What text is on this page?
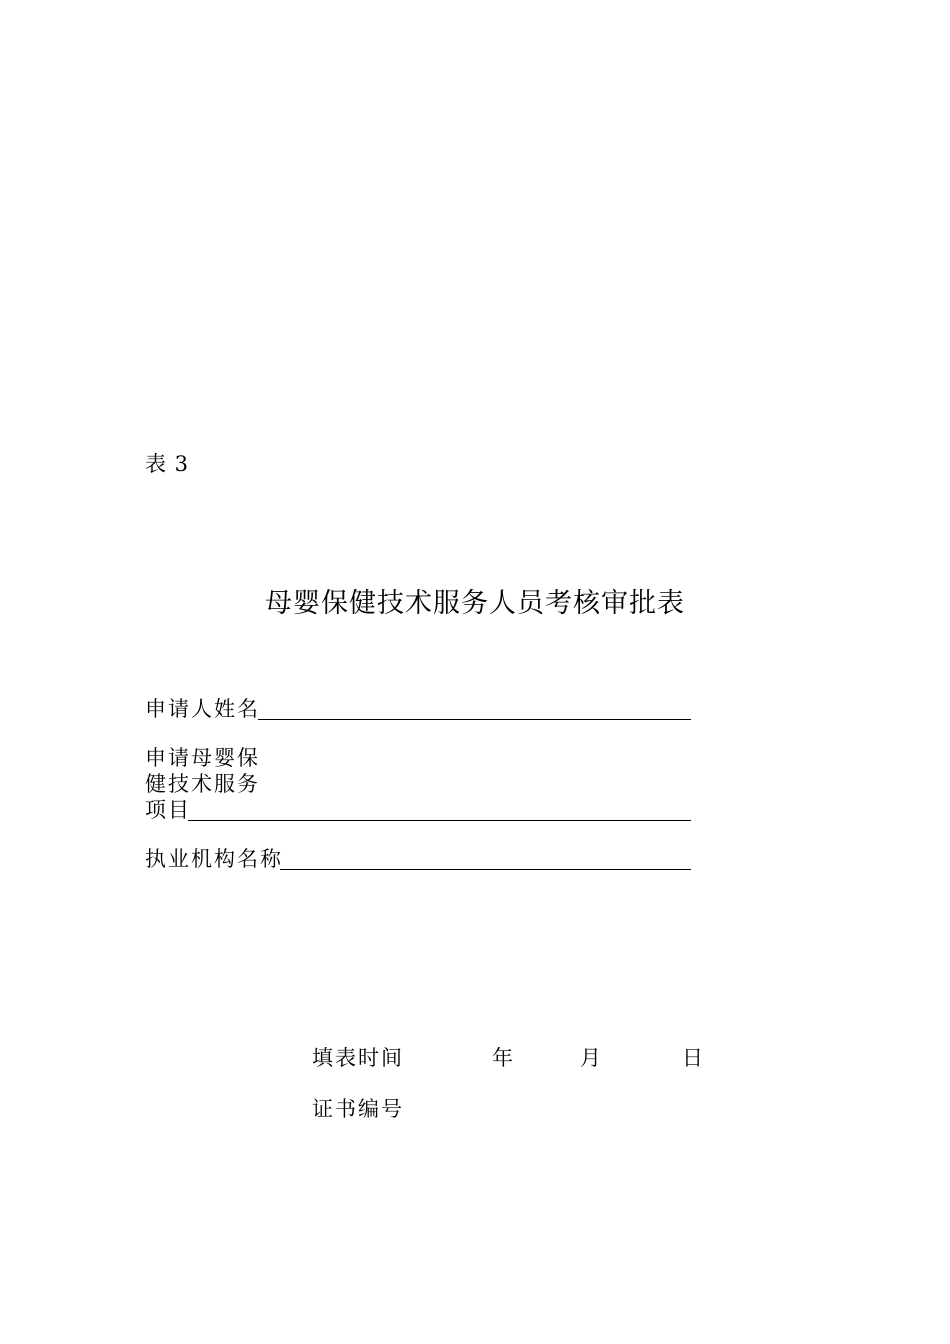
表 3
母婴保健技术服务人员考核审批表
申请人姓名
申请母婴保
健技术服务
项目
执业机构名称
填表时间	年	月	日
证书编号
